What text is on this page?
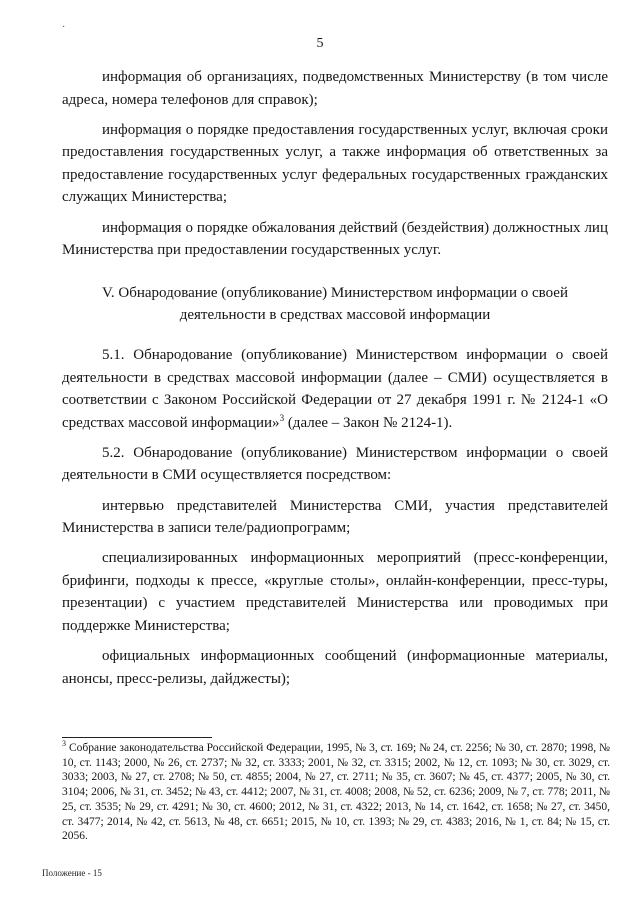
·
5

информация об организациях, подведомственных Министерству (в том числе адреса, номера телефонов для справок);

информация о порядке предоставления государственных услуг, включая сроки предоставления государственных услуг, а также информация об ответственных за предоставление государственных услуг федеральных государственных гражданских служащих Министерства;

информация о порядке обжалования действий (бездействия) должностных лиц Министерства при предоставлении государственных услуг.

V. Обнародование (опубликование) Министерством информации о своей деятельности в средствах массовой информации

5.1. Обнародование (опубликование) Министерством информации о своей деятельности в средствах массовой информации (далее – СМИ) осуществляется в соответствии с Законом Российской Федерации от 27 декабря 1991 г. № 2124-1 «О средствах массовой информации»$^3$ (далее – Закон № 2124-1).

5.2. Обнародование (опубликование) Министерством информации о своей деятельности в СМИ осуществляется посредством:

интервью представителей Министерства СМИ, участия представителей Министерства в записи теле/радиопрограмм;

специализированных информационных мероприятий (пресс-конференции, брифинги, подходы к прессе, «круглые столы», онлайн-конференции, пресс-туры, презентации) с участием представителей Министерства или проводимых при поддержке Министерства;

официальных информационных сообщений (информационные материалы, анонсы, пресс-релизы, дайджесты);

$^3$ Собрание законодательства Российской Федерации, 1995, № 3, ст. 169; № 24, ст. 2256; № 30, ст. 2870; 1998, № 10, ст. 1143; 2000, № 26, ст. 2737; № 32, ст. 3333; 2001, № 32, ст. 3315; 2002, № 12, ст. 1093; № 30, ст. 3029, ст. 3033; 2003, № 27, ст. 2708; № 50, ст. 4855; 2004, № 27, ст. 2711; № 35, ст. 3607; № 45, ст. 4377; 2005, № 30, ст. 3104; 2006, № 31, ст. 3452; № 43, ст. 4412; 2007, № 31, ст. 4008; 2008, № 52, ст. 6236; 2009, № 7, ст. 778; 2011, № 25, ст. 3535; № 29, ст. 4291; № 30, ст. 4600; 2012, № 31, ст. 4322; 2013, № 14, ст. 1642, ст. 1658; № 27, ст. 3450, ст. 3477; 2014, № 42, ст. 5613, № 48, ст. 6651; 2015, № 10, ст. 1393; № 29, ст. 4383; 2016, № 1, ст. 84; № 15, ст. 2056.
Положение - 15
